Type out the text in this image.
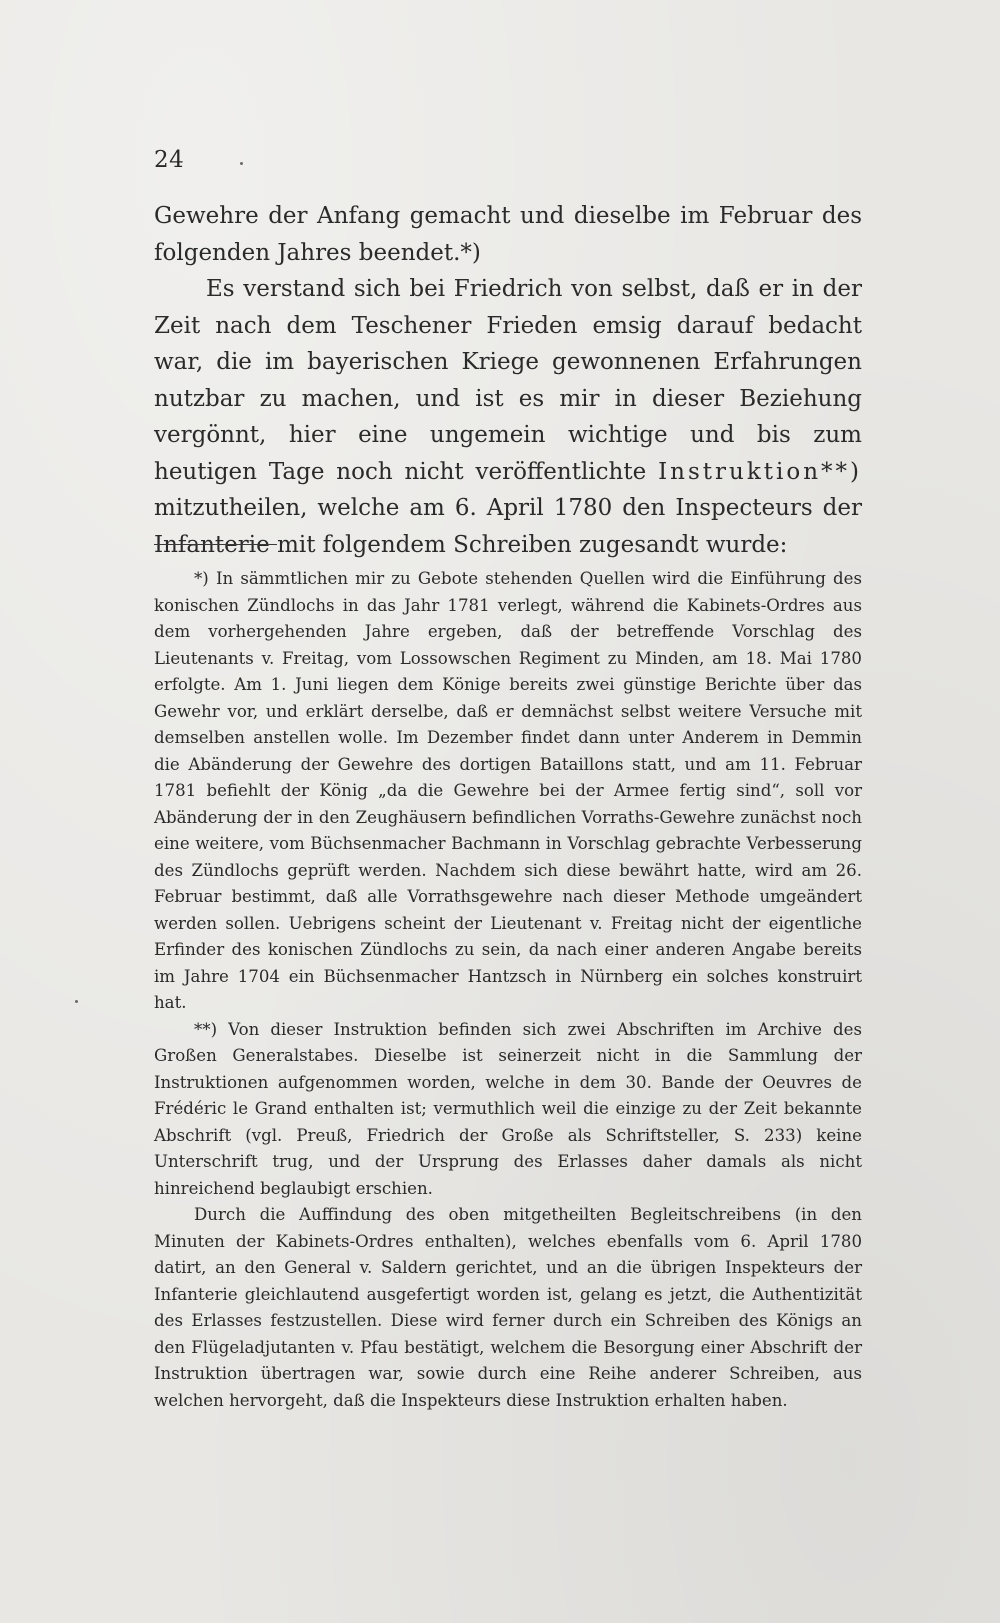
24

Gewehre der Anfang gemacht und dieselbe im Februar des folgenden Jahres beendet.*)

Es verstand sich bei Friedrich von selbst, daß er in der Zeit nach dem Teschener Frieden emsig darauf bedacht war, die im bayerischen Kriege gewonnenen Erfahrungen nutzbar zu machen, und ist es mir in dieser Beziehung vergönnt, hier eine ungemein wichtige und bis zum heutigen Tage noch nicht veröffentlichte Instruktion**) mitzutheilen, welche am 6. April 1780 den Inspecteurs der Infanterie mit folgendem Schreiben zugesandt wurde:

*) In sämmtlichen mir zu Gebote stehenden Quellen wird die Einführung des konischen Zündlochs in das Jahr 1781 verlegt, während die Kabinets-Ordres aus dem vorhergehenden Jahre ergeben, daß der betreffende Vorschlag des Lieutenants v. Freitag, vom Lossowschen Regiment zu Minden, am 18. Mai 1780 erfolgte. Am 1. Juni liegen dem Könige bereits zwei günstige Berichte über das Gewehr vor, und erklärt derselbe, daß er demnächst selbst weitere Versuche mit demselben anstellen wolle. Im Dezember findet dann unter Anderem in Demmin die Abänderung der Gewehre des dortigen Bataillons statt, und am 11. Februar 1781 befiehlt der König „da die Gewehre bei der Armee fertig sind“, soll vor Abänderung der in den Zeughäusern befindlichen Vorraths-Gewehre zunächst noch eine weitere, vom Büchsenmacher Bachmann in Vorschlag gebrachte Verbesserung des Zündlochs geprüft werden. Nachdem sich diese bewährt hatte, wird am 26. Februar bestimmt, daß alle Vorrathsgewehre nach dieser Methode umgeändert werden sollen. Uebrigens scheint der Lieutenant v. Freitag nicht der eigentliche Erfinder des konischen Zündlochs zu sein, da nach einer anderen Angabe bereits im Jahre 1704 ein Büchsenmacher Hantzsch in Nürnberg ein solches konstruirt hat.

**) Von dieser Instruktion befinden sich zwei Abschriften im Archive des Großen Generalstabes. Dieselbe ist seinerzeit nicht in die Sammlung der Instruktionen aufgenommen worden, welche in dem 30. Bande der Oeuvres de Frédéric le Grand enthalten ist; vermuthlich weil die einzige zu der Zeit bekannte Abschrift (vgl. Preuß, Friedrich der Große als Schriftsteller, S. 233) keine Unterschrift trug, und der Ursprung des Erlasses daher damals als nicht hinreichend beglaubigt erschien.

Durch die Auffindung des oben mitgetheilten Begleitschreibens (in den Minuten der Kabinets-Ordres enthalten), welches ebenfalls vom 6. April 1780 datirt, an den General v. Saldern gerichtet, und an die übrigen Inspekteurs der Infanterie gleichlautend ausgefertigt worden ist, gelang es jetzt, die Authentizität des Erlasses festzustellen. Diese wird ferner durch ein Schreiben des Königs an den Flügeladjutanten v. Pfau bestätigt, welchem die Besorgung einer Abschrift der Instruktion übertragen war, sowie durch eine Reihe anderer Schreiben, aus welchen hervorgeht, daß die Inspekteurs diese Instruktion erhalten haben.
